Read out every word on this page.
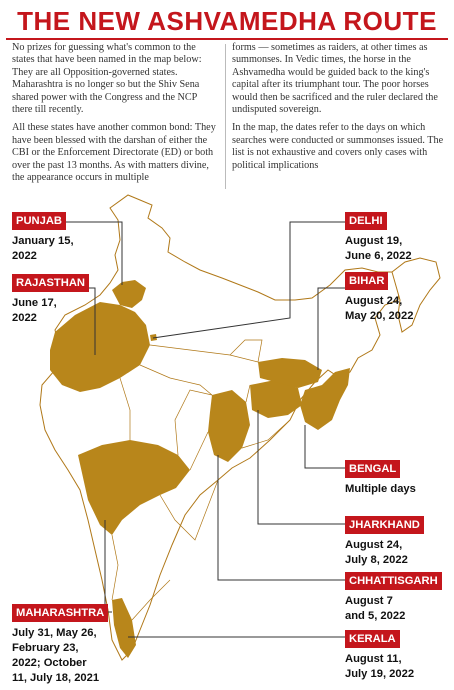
THE NEW ASHVAMEDHA ROUTE

No prizes for guessing what's common to the states that have been named in the map below: They are all Opposition-governed states. Maharashtra is no longer so but the Shiv Sena shared power with the Congress and the NCP there till recently.

All these states have another common bond: They have been blessed with the darshan of either the CBI or the Enforcement Directorate (ED) or both over the past 13 months. As with matters divine, the appearance occurs in multiple

forms — sometimes as raiders, at other times as summonses. In Vedic times, the horse in the Ashvamedha would be guided back to the king's capital after its triumphant tour. The poor horses would then be sacrificed and the ruler declared the undisputed sovereign.

In the map, the dates refer to the days on which searches were conducted or summonses issued. The list is not exhaustive and covers only cases with political implications

PUNJAB
January 15,
2022
RAJASTHAN
June 17,
2022
MAHARASHTRA
July 31, May 26,
February 23,
2022; October
11, July 18, 2021
DELHI
August 19,
June 6, 2022
BIHAR
August 24,
May 20, 2022
BENGAL
Multiple days
JHARKHAND
August 24,
July 8, 2022
CHHATTISGARH
August 7
and 5, 2022
KERALA
August 11,
July 19, 2022
